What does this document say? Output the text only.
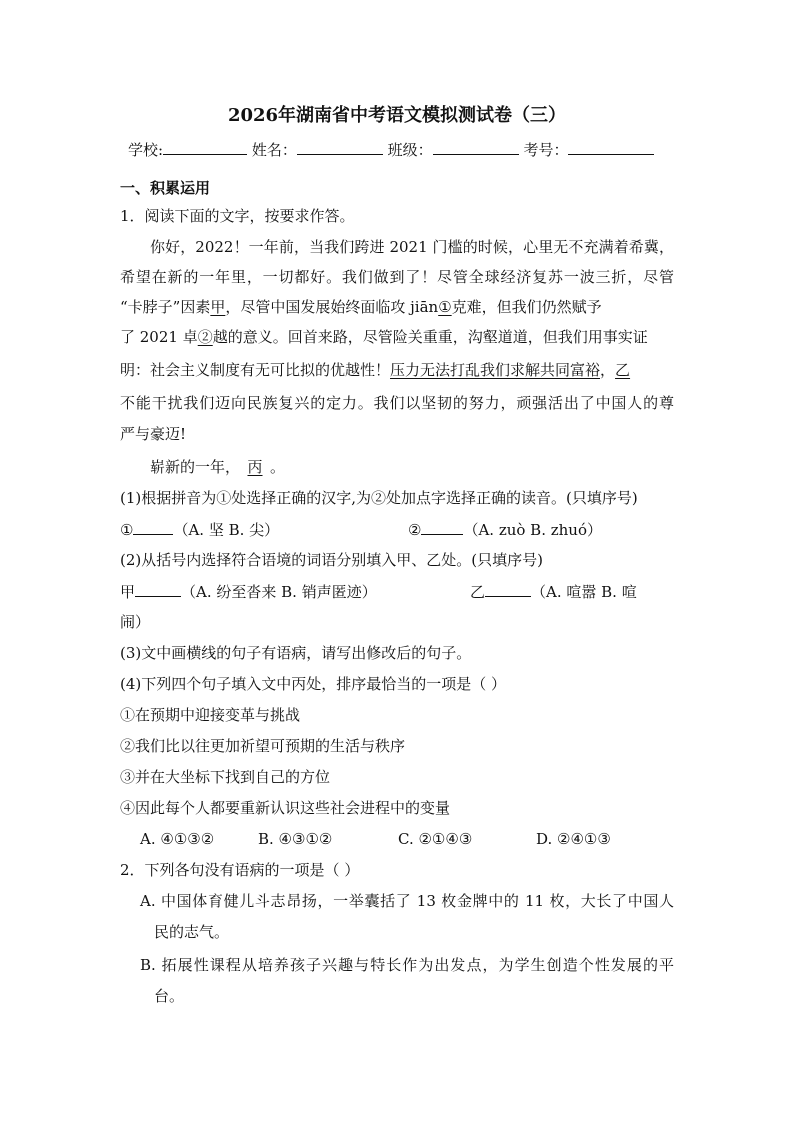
2026年湖南省中考语文模拟测试卷（三）
学校:	姓名：	班级：	考号：
一、积累运用
1．阅读下面的文字，按要求作答。
你好，2022！一年前，当我们跨进 2021 门槛的时候，心里无不充满着希冀，
希望在新的一年里，一切都好。我们做到了！尽管全球经济复苏一波三折，尽管
“卡脖子”因素甲，尽管中国发展始终面临攻 jiān①克难，但我们仍然赋予
了 2021 卓②越的意义。回首来路，尽管险关重重，沟壑道道，但我们用事实证
明：社会主义制度有无可比拟的优越性！压力无法打乱我们求解共同富裕，乙
不能干扰我们迈向民族复兴的定力。我们以坚韧的努力，顽强活出了中国人的尊
严与豪迈!
崭新的一年， 丙 。
(1)根据拼音为①处选择正确的汉字,为②处加点字选择正确的读音。(只填序号)
①	（A. 坚 B. 尖）	②	（A. zuò B. zhuó）
(2)从括号内选择符合语境的词语分别填入甲、乙处。(只填序号)
甲	（A. 纷至沓来 B. 销声匿迹）	乙	（A. 喧嚣 B. 喧
闹）
(3)文中画横线的句子有语病，请写出修改后的句子。
(4)下列四个句子填入文中丙处，排序最恰当的一项是（ ）
①在预期中迎接变革与挑战
②我们比以往更加祈望可预期的生活与秩序
③并在大坐标下找到自己的方位
④因此每个人都要重新认识这些社会进程中的变量
A. ④①③②	B. ④③①②	C. ②①④③	D. ②④①③
2．下列各句没有语病的一项是（ ）
A. 中国体育健儿斗志昂扬，一举囊括了 13 枚金牌中的 11 枚，大长了中国人
民的志气。
B. 拓展性课程从培养孩子兴趣与特长作为出发点，为学生创造个性发展的平
台。
